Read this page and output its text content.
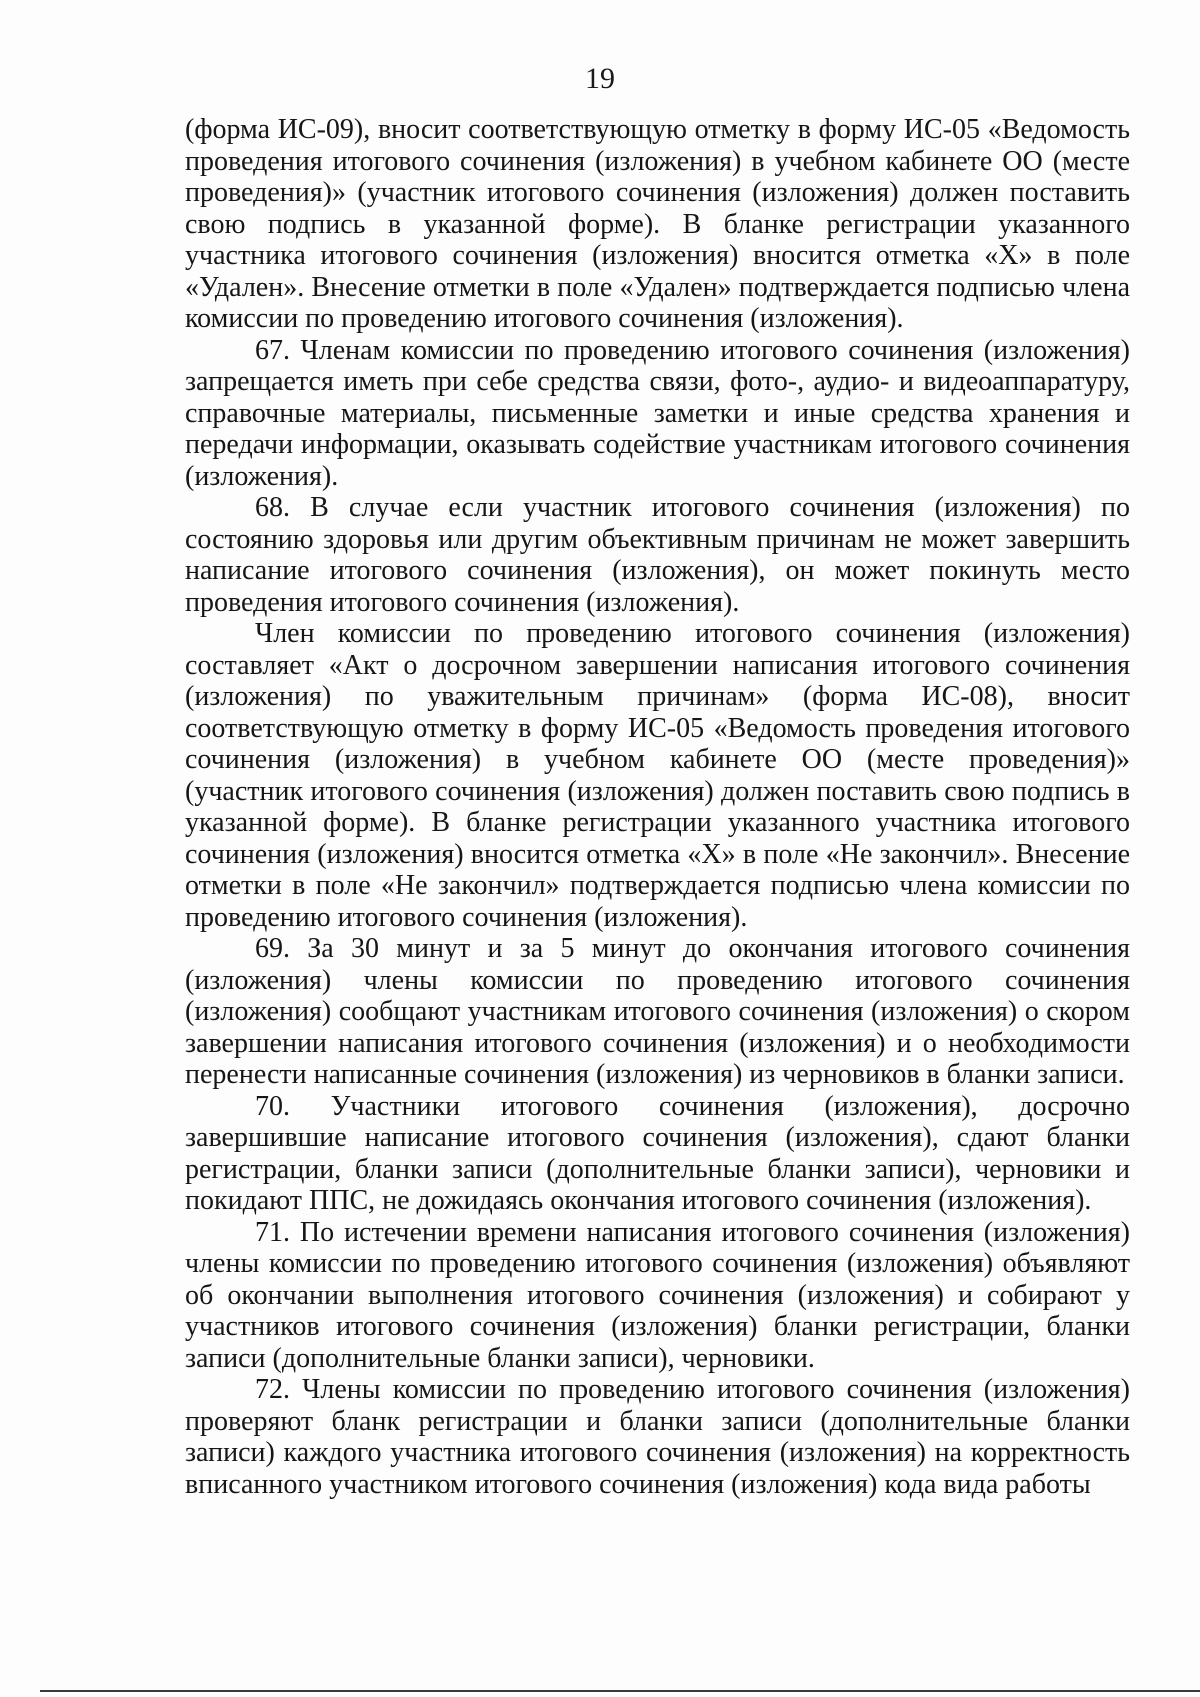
19

(форма ИС-09), вносит соответствующую отметку в форму ИС-05 «Ведомость проведения итогового сочинения (изложения) в учебном кабинете ОО (месте проведения)» (участник итогового сочинения (изложения) должен поставить свою подпись в указанной форме). В бланке регистрации указанного участника итогового сочинения (изложения) вносится отметка «Х» в поле «Удален». Внесение отметки в поле «Удален» подтверждается подписью члена комиссии по проведению итогового сочинения (изложения).

67. Членам комиссии по проведению итогового сочинения (изложения) запрещается иметь при себе средства связи, фото-, аудио- и видеоаппаратуру, справочные материалы, письменные заметки и иные средства хранения и передачи информации, оказывать содействие участникам итогового сочинения (изложения).

68. В случае если участник итогового сочинения (изложения) по состоянию здоровья или другим объективным причинам не может завершить написание итогового сочинения (изложения), он может покинуть место проведения итогового сочинения (изложения).

Член комиссии по проведению итогового сочинения (изложения) составляет «Акт о досрочном завершении написания итогового сочинения (изложения) по уважительным причинам» (форма ИС-08), вносит соответствующую отметку в форму ИС-05 «Ведомость проведения итогового сочинения (изложения) в учебном кабинете ОО (месте проведения)» (участник итогового сочинения (изложения) должен поставить свою подпись в указанной форме). В бланке регистрации указанного участника итогового сочинения (изложения) вносится отметка «Х» в поле «Не закончил». Внесение отметки в поле «Не закончил» подтверждается подписью члена комиссии по проведению итогового сочинения (изложения).

69. За 30 минут и за 5 минут до окончания итогового сочинения (изложения) члены комиссии по проведению итогового сочинения (изложения) сообщают участникам итогового сочинения (изложения) о скором завершении написания итогового сочинения (изложения) и о необходимости перенести написанные сочинения (изложения) из черновиков в бланки записи.

70. Участники итогового сочинения (изложения), досрочно завершившие написание итогового сочинения (изложения), сдают бланки регистрации, бланки записи (дополнительные бланки записи), черновики и покидают ППС, не дожидаясь окончания итогового сочинения (изложения).

71. По истечении времени написания итогового сочинения (изложения) члены комиссии по проведению итогового сочинения (изложения) объявляют об окончании выполнения итогового сочинения (изложения) и собирают у участников итогового сочинения (изложения) бланки регистрации, бланки записи (дополнительные бланки записи), черновики.

72. Члены комиссии по проведению итогового сочинения (изложения) проверяют бланк регистрации и бланки записи (дополнительные бланки записи) каждого участника итогового сочинения (изложения) на корректность вписанного участником итогового сочинения (изложения) кода вида работы
